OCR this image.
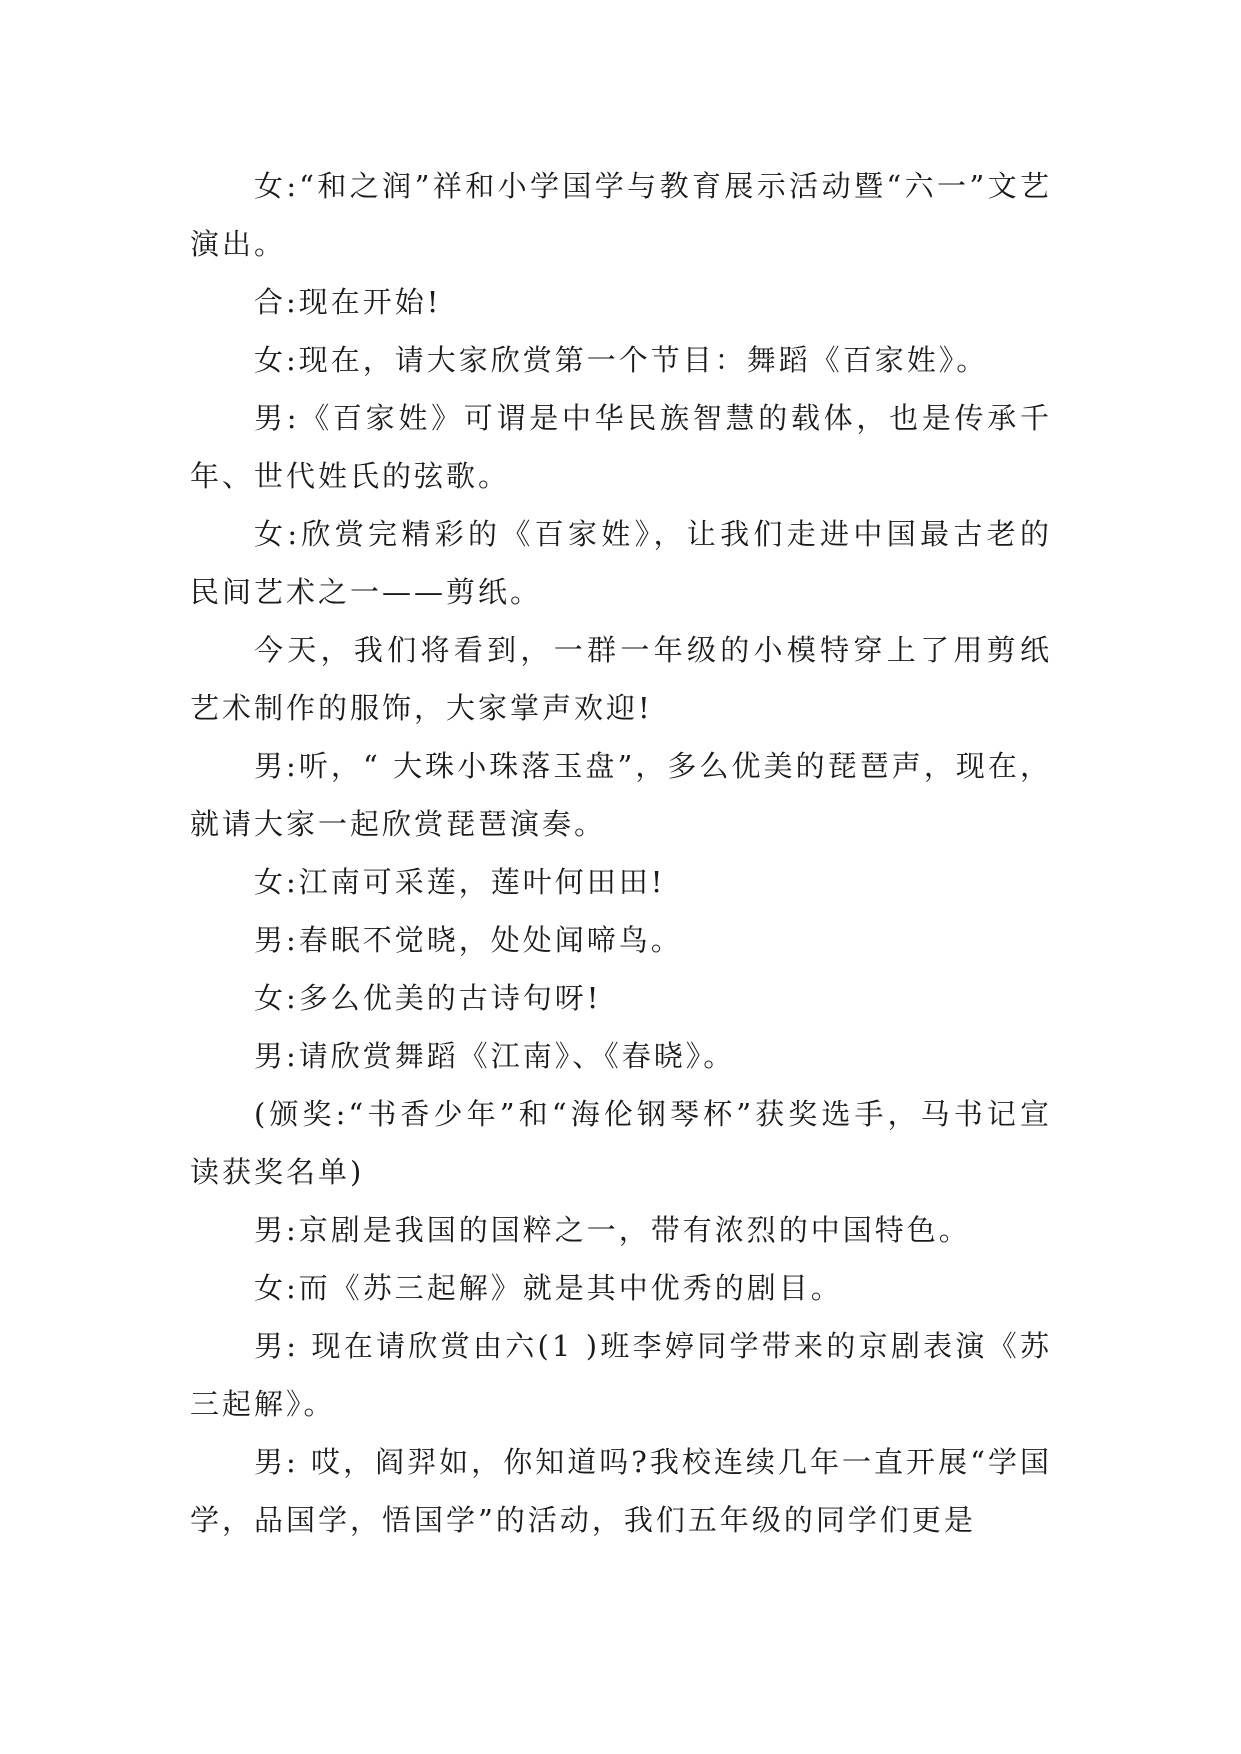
女:“和之润”祥和小学国学与教育展示活动暨“六一”文艺演出。

合:现在开始!

女:现在，请大家欣赏第一个节目：舞蹈《百家姓》。

男:《百家姓》可谓是中华民族智慧的载体，也是传承千年、世代姓氏的弦歌。

女:欣赏完精彩的《百家姓》，让我们走进中国最古老的民间艺术之一——剪纸。

今天，我们将看到，一群一年级的小模特穿上了用剪纸艺术制作的服饰，大家掌声欢迎!

男:听，“ 大珠小珠落玉盘”，多么优美的琵琶声，现在，就请大家一起欣赏琵琶演奏。

女:江南可采莲，莲叶何田田!

男:春眠不觉晓，处处闻啼鸟。

女:多么优美的古诗句呀!

男:请欣赏舞蹈《江南》、《春晓》。

(颁奖:“书香少年”和“海伦钢琴杯”获奖选手，马书记宣读获奖名单)

男:京剧是我国的国粹之一，带有浓烈的中国特色。

女:而《苏三起解》就是其中优秀的剧目。

男: 现在请欣赏由六(1 )班李婷同学带来的京剧表演《苏三起解》。

男: 哎，阎羿如，你知道吗?我校连续几年一直开展“学国学，品国学，悟国学”的活动，我们五年级的同学们更是
